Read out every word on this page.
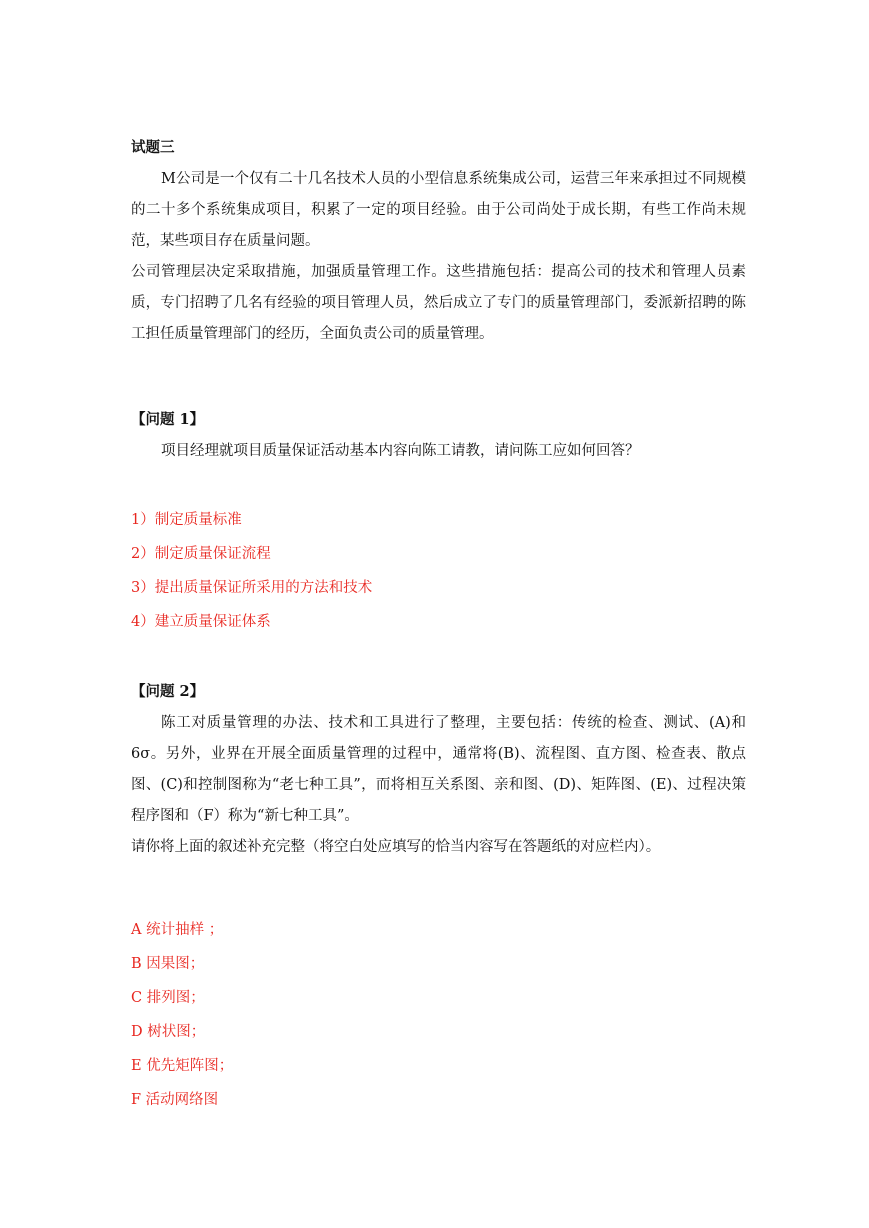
试题三

M公司是一个仅有二十几名技术人员的小型信息系统集成公司，运营三年来承担过不同规模的二十多个系统集成项目，积累了一定的项目经验。由于公司尚处于成长期，有些工作尚未规范，某些项目存在质量问题。

公司管理层决定采取措施，加强质量管理工作。这些措施包括：提高公司的技术和管理人员素质，专门招聘了几名有经验的项目管理人员，然后成立了专门的质量管理部门，委派新招聘的陈工担任质量管理部门的经历，全面负责公司的质量管理。

【问题 1】
项目经理就项目质量保证活动基本内容向陈工请教，请问陈工应如何回答？
1）制定质量标准
2）制定质量保证流程
3）提出质量保证所采用的方法和技术
4）建立质量保证体系
【问题 2】

陈工对质量管理的办法、技术和工具进行了整理，主要包括：传统的检查、测试、(A)和6σ。另外，业界在开展全面质量管理的过程中，通常将(B)、流程图、直方图、检查表、散点图、(C)和控制图称为“老七种工具”，而将相互关系图、亲和图、(D)、矩阵图、(E)、过程决策程序图和（F）称为“新七种工具”。

请你将上面的叙述补充完整（将空白处应填写的恰当内容写在答题纸的对应栏内）。

A 统计抽样 ；
B 因果图；
C 排列图；
D 树状图；
E 优先矩阵图；
F 活动网络图
